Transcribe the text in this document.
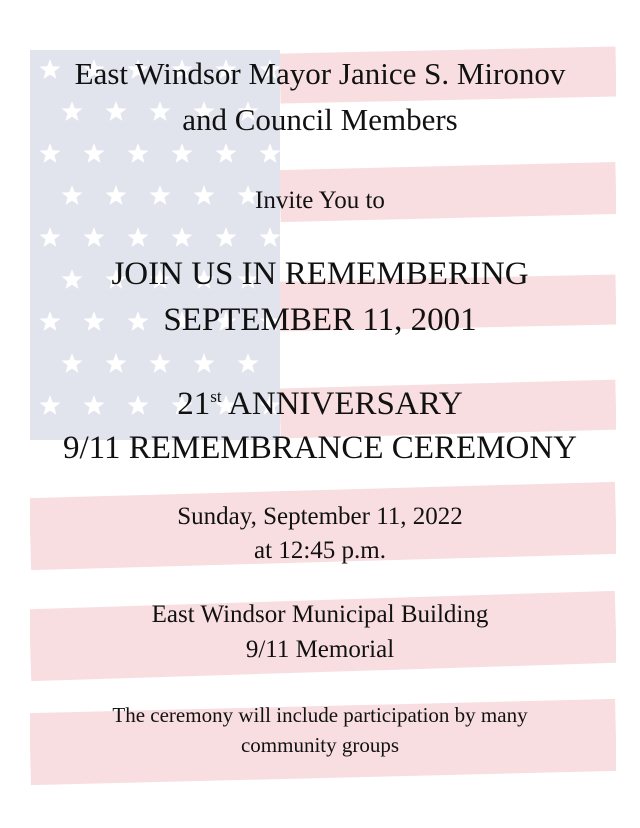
East Windsor Mayor Janice S. Mironov
and Council Members
Invite You to
JOIN US IN REMEMBERING
SEPTEMBER 11, 2001
21st ANNIVERSARY
9/11 REMEMBRANCE CEREMONY
Sunday, September 11, 2022
at 12:45 p.m.
East Windsor Municipal Building
9/11 Memorial
The ceremony will include participation by many
community groups
